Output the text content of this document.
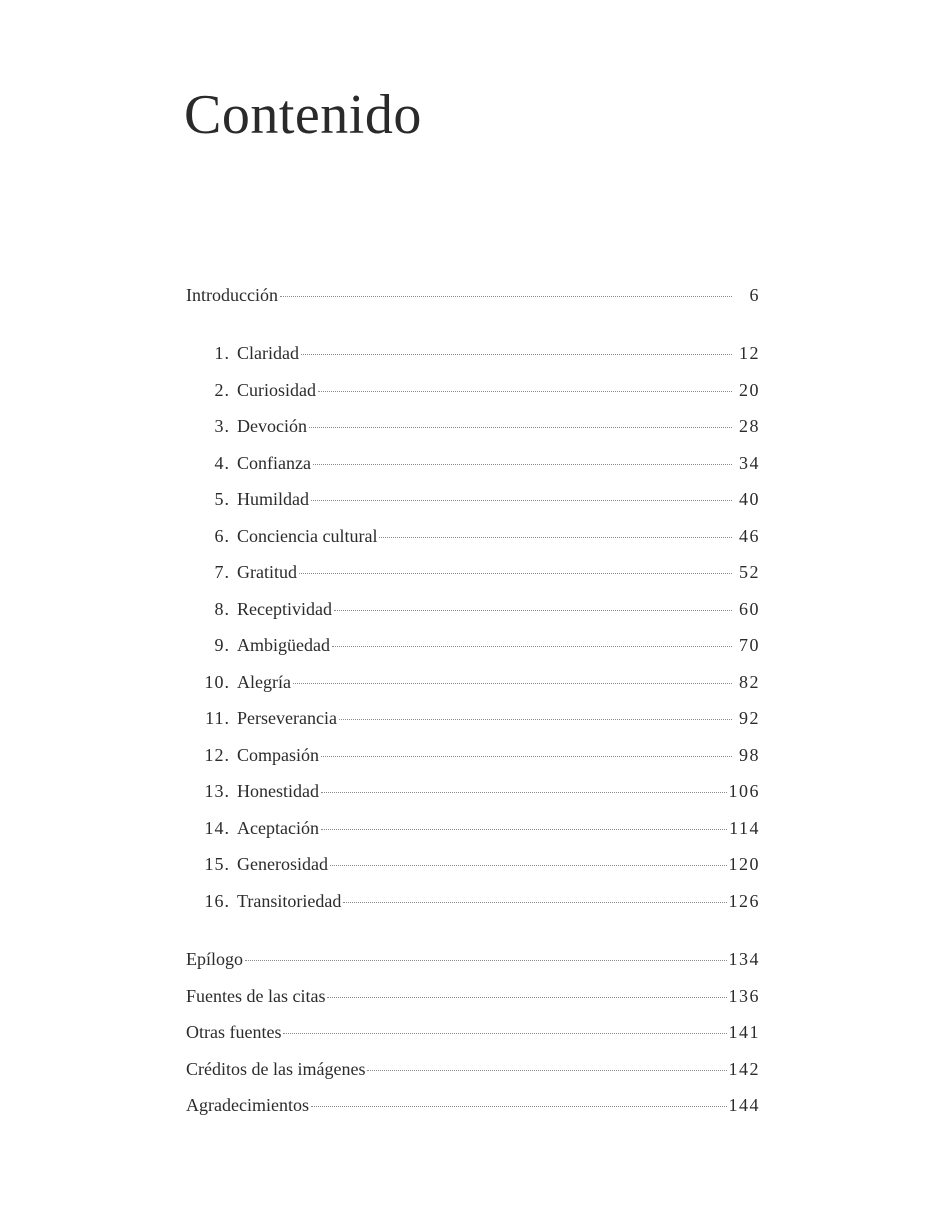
Contenido
Introducción	6
1. Claridad	12
2. Curiosidad	20
3. Devoción	28
4. Confianza	34
5. Humildad	40
6. Conciencia cultural	46
7. Gratitud	52
8. Receptividad	60
9. Ambigüedad	70
10. Alegría	82
11. Perseverancia	92
12. Compasión	98
13. Honestidad	106
14. Aceptación	114
15. Generosidad	120
16. Transitoriedad	126
Epílogo	134
Fuentes de las citas	136
Otras fuentes	141
Créditos de las imágenes	142
Agradecimientos	144
